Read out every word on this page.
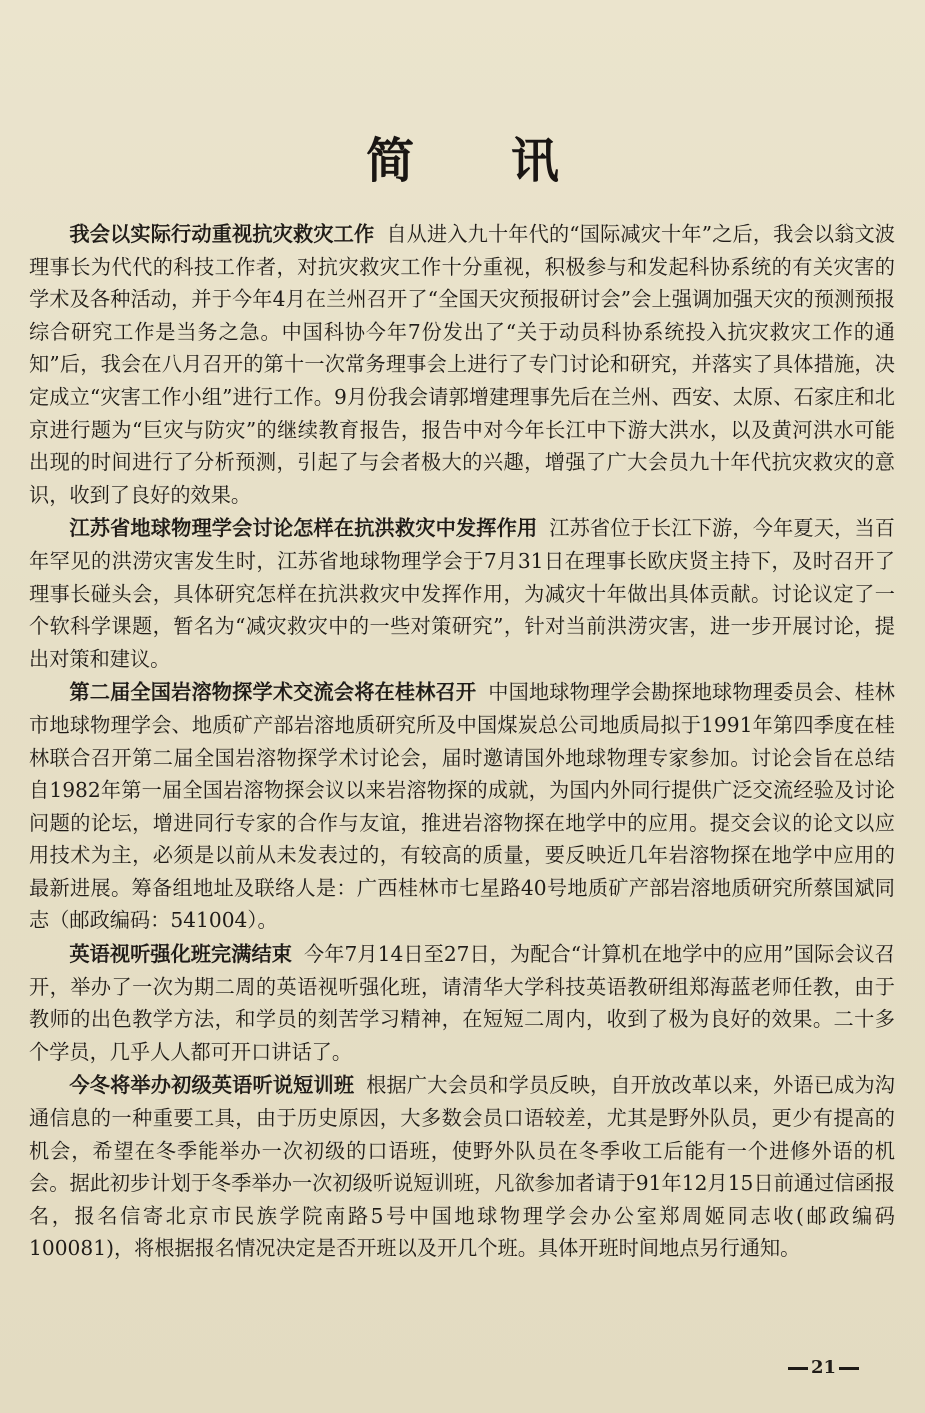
简 讯

我会以实际行动重视抗灾救灾工作 自从进入九十年代的“国际减灾十年”之后，我会以翁文波理事长为代代的科技工作者，对抗灾救灾工作十分重视，积极参与和发起科协系统的有关灾害的学术及各种活动，并于今年4月在兰州召开了“全国天灾预报研讨会”会上强调加强天灾的预测预报综合研究工作是当务之急。中国科协今年7份发出了“关于动员科协系统投入抗灾救灾工作的通知”后，我会在八月召开的第十一次常务理事会上进行了专门讨论和研究，并落实了具体措施，决定成立“灾害工作小组”进行工作。9月份我会请郭增建理事先后在兰州、西安、太原、石家庄和北京进行题为“巨灾与防灾”的继续教育报告，报告中对今年长江中下游大洪水，以及黄河洪水可能出现的时间进行了分析预测，引起了与会者极大的兴趣，增强了广大会员九十年代抗灾救灾的意识，收到了良好的效果。

江苏省地球物理学会讨论怎样在抗洪救灾中发挥作用 江苏省位于长江下游，今年夏天，当百年罕见的洪涝灾害发生时，江苏省地球物理学会于7月31日在理事长欧庆贤主持下，及时召开了理事长碰头会，具体研究怎样在抗洪救灾中发挥作用，为减灾十年做出具体贡献。讨论议定了一个软科学课题，暂名为“减灾救灾中的一些对策研究”，针对当前洪涝灾害，进一步开展讨论，提出对策和建议。

第二届全国岩溶物探学术交流会将在桂林召开 中国地球物理学会勘探地球物理委员会、桂林市地球物理学会、地质矿产部岩溶地质研究所及中国煤炭总公司地质局拟于1991年第四季度在桂林联合召开第二届全国岩溶物探学术讨论会，届时邀请国外地球物理专家参加。讨论会旨在总结自1982年第一届全国岩溶物探会议以来岩溶物探的成就，为国内外同行提供广泛交流经验及讨论问题的论坛，增进同行专家的合作与友谊，推进岩溶物探在地学中的应用。提交会议的论文以应用技术为主，必须是以前从未发表过的，有较高的质量，要反映近几年岩溶物探在地学中应用的最新进展。筹备组地址及联络人是：广西桂林市七星路40号地质矿产部岩溶地质研究所蔡国斌同志（邮政编码：541004）。

英语视听强化班完满结束 今年7月14日至27日，为配合“计算机在地学中的应用”国际会议召开，举办了一次为期二周的英语视听强化班，请清华大学科技英语教研组郑海蓝老师任教，由于教师的出色教学方法，和学员的刻苦学习精神，在短短二周内，收到了极为良好的效果。二十多个学员，几乎人人都可开口讲话了。

今冬将举办初级英语听说短训班 根据广大会员和学员反映，自开放改革以来，外语已成为沟通信息的一种重要工具，由于历史原因，大多数会员口语较差，尤其是野外队员，更少有提高的机会，希望在冬季能举办一次初级的口语班，使野外队员在冬季收工后能有一个进修外语的机会。据此初步计划于冬季举办一次初级听说短训班，凡欲参加者请于91年12月15日前通过信函报名，报名信寄北京市民族学院南路5号中国地球物理学会办公室郑周姬同志收(邮政编码100081)，将根据报名情况决定是否开班以及开几个班。具体开班时间地点另行通知。

21
